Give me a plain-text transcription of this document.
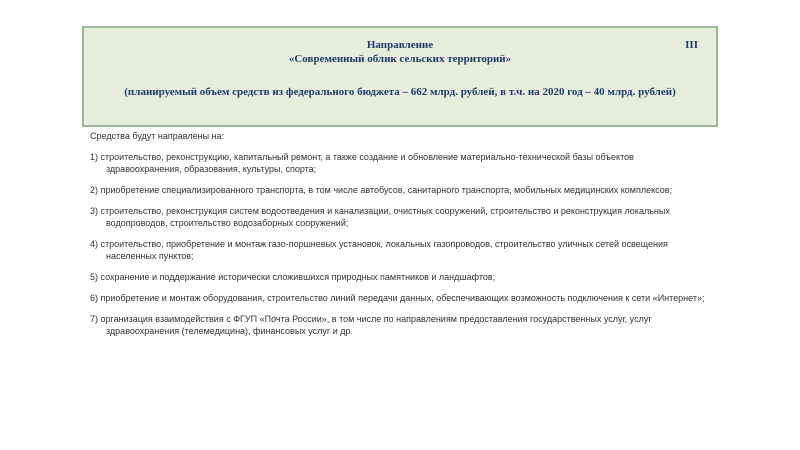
Направление	III
«Современный облик сельских территорий»
(планируемый объем средств из федерального бюджета – 662 млрд. рублей, в т.ч. на 2020 год – 40 млрд. рублей)

Средства будут направлены на:

1) строительство, реконструкцию, капитальный ремонт, а также создание и обновление материально-технической базы объектов здравоохранения, образования, культуры, спорта;
2) приобретение специализированного транспорта, в том числе автобусов, санитарного транспорта, мобильных медицинских комплексов;
3) строительство, реконструкция систем водоотведения и канализации, очистных сооружений, строительство и реконструкция локальных водопроводов, строительство водозаборных сооружений;
4) строительство, приобретение и монтаж газо-поршневых установок, локальных газопроводов, строительство уличных сетей освещения населенных пунктов;
5) сохранение и поддержание исторически сложившихся природных памятников и ландшафтов;
6) приобретение и монтаж оборудования, строительство линий передачи данных, обеспечивающих возможность подключения к сети «Интернет»;
7) организация взаимодействия с ФГУП «Почта России», в том числе по направлениям предоставления государственных услуг, услуг здравоохранения (телемедицина), финансовых услуг и др.
